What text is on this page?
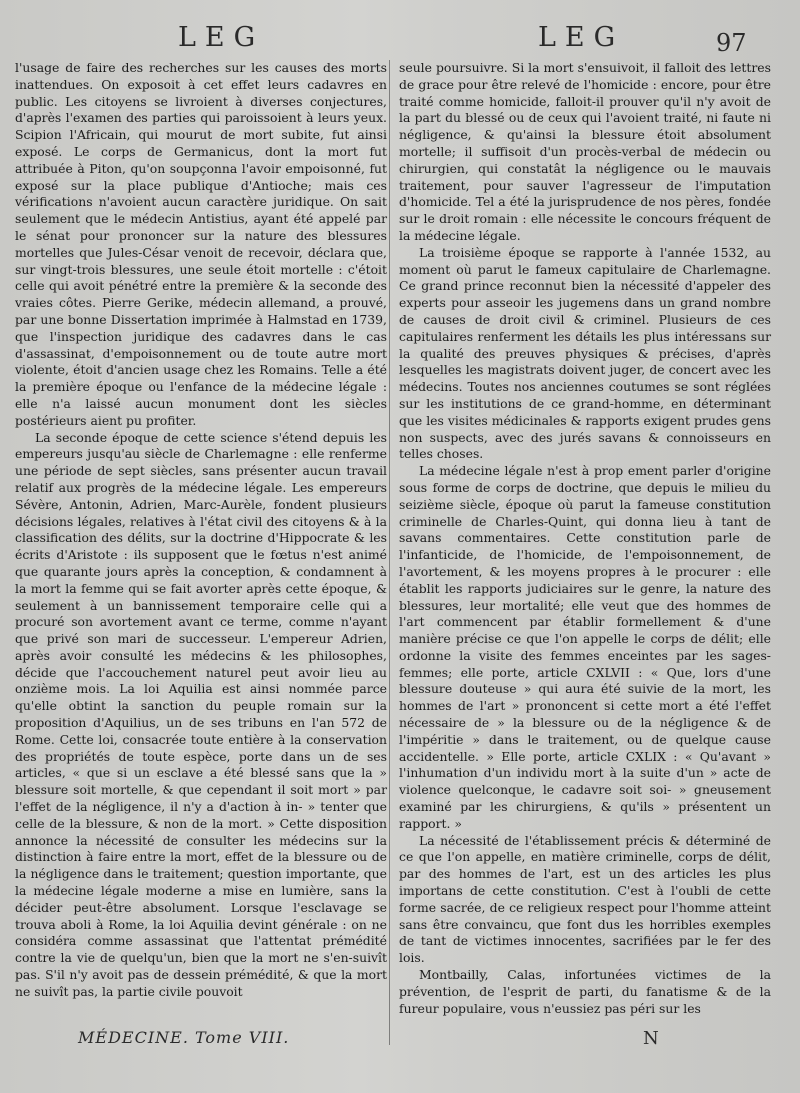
LEG	LEG	97

l'usage de faire des recherches sur les causes des morts inattendues. On exposoit à cet effet leurs cadavres en public. Les citoyens se livroient à diverses conjectures, d'après l'examen des parties qui paroissoient à leurs yeux. Scipion l'Africain, qui mourut de mort subite, fut ainsi exposé. Le corps de Germanicus, dont la mort fut attribuée à Piton, qu'on soupçonna l'avoir empoisonné, fut exposé sur la place publique d'Antioche; mais ces vérifications n'avoient aucun caractère juridique. On sait seulement que le médecin Antistius, ayant été appelé par le sénat pour prononcer sur la nature des blessures mortelles que Jules-César venoit de recevoir, déclara que, sur vingt-trois blessures, une seule étoit mortelle : c'étoit celle qui avoit pénétré entre la première & la seconde des vraies côtes. Pierre Gerike, médecin allemand, a prouvé, par une bonne Dissertation imprimée à Halmstad en 1739, que l'inspection juridique des cadavres dans le cas d'assassinat, d'empoisonnement ou de toute autre mort violente, étoit d'ancien usage chez les Romains. Telle a été la première époque ou l'enfance de la médecine légale : elle n'a laissé aucun monument dont les siècles postérieurs aient pu profiter.

La seconde époque de cette science s'étend depuis les empereurs jusqu'au siècle de Charlemagne : elle renferme une période de sept siècles, sans présenter aucun travail relatif aux progrès de la médecine légale. Les empereurs Sévère, Antonin, Adrien, Marc-Aurèle, fondent plusieurs décisions légales, relatives à l'état civil des citoyens & à la classification des délits, sur la doctrine d'Hippocrate & les écrits d'Aristote : ils supposent que le fœtus n'est animé que quarante jours après la conception, & condamnent à la mort la femme qui se fait avorter après cette époque, & seulement à un bannissement temporaire celle qui a procuré son avortement avant ce terme, comme n'ayant que privé son mari de successeur. L'empereur Adrien, après avoir consulté les médecins & les philosophes, décide que l'accouchement naturel peut avoir lieu au onzième mois. La loi Aquilia est ainsi nommée parce qu'elle obtint la sanction du peuple romain sur la proposition d'Aquilius, un de ses tribuns en l'an 572 de Rome. Cette loi, consacrée toute entière à la conservation des propriétés de toute espèce, porte dans un de ses articles, « que si un esclave a été blessé sans que la » blessure soit mortelle, & que cependant il soit mort » par l'effet de la négligence, il n'y a d'action à in- » tenter que celle de la blessure, & non de la mort. » Cette disposition annonce la nécessité de consulter les médecins sur la distinction à faire entre la mort, effet de la blessure ou de la négligence dans le traitement; question importante, que la médecine légale moderne a mise en lumière, sans la décider peut-être absolument. Lorsque l'esclavage se trouva aboli à Rome, la loi Aquilia devint générale : on ne considéra comme assassinat que l'attentat prémédité contre la vie de quelqu'un, bien que la mort ne s'en-suivît pas. S'il n'y avoit pas de dessein prémédité, & que la mort ne suivît pas, la partie civile pouvoit

seule poursuivre. Si la mort s'ensuivoit, il falloit des lettres de grace pour être relevé de l'homicide : encore, pour être traité comme homicide, falloit-il prouver qu'il n'y avoit de la part du blessé ou de ceux qui l'avoient traité, ni faute ni négligence, & qu'ainsi la blessure étoit absolument mortelle; il suffisoit d'un procès-verbal de médecin ou chirurgien, qui constatât la négligence ou le mauvais traitement, pour sauver l'agresseur de l'imputation d'homicide. Tel a été la jurisprudence de nos pères, fondée sur le droit romain : elle nécessite le concours fréquent de la médecine légale.

La troisième époque se rapporte à l'année 1532, au moment où parut le fameux capitulaire de Charlemagne. Ce grand prince reconnut bien la nécessité d'appeler des experts pour asseoir les jugemens dans un grand nombre de causes de droit civil & criminel. Plusieurs de ces capitulaires renferment les détails les plus intéressans sur la qualité des preuves physiques & précises, d'après lesquelles les magistrats doivent juger, de concert avec les médecins. Toutes nos anciennes coutumes se sont réglées sur les institutions de ce grand-homme, en déterminant que les visites médicinales & rapports exigent prudes gens non suspects, avec des jurés savans & connoisseurs en telles choses.

La médecine légale n'est à prop ement parler d'origine sous forme de corps de doctrine, que depuis le milieu du seizième siècle, époque où parut la fameuse constitution criminelle de Charles-Quint, qui donna lieu à tant de savans commentaires. Cette constitution parle de l'infanticide, de l'homicide, de l'empoisonnement, de l'avortement, & les moyens propres à le procurer : elle établit les rapports judiciaires sur le genre, la nature des blessures, leur mortalité; elle veut que des hommes de l'art commencent par établir formellement & d'une manière précise ce que l'on appelle le corps de délit; elle ordonne la visite des femmes enceintes par les sages-femmes; elle porte, article CXLVII : « Que, lors d'une blessure douteuse » qui aura été suivie de la mort, les hommes de l'art » prononcent si cette mort a été l'effet nécessaire de » la blessure ou de la négligence & de l'impéritie » dans le traitement, ou de quelque cause accidentelle. » Elle porte, article CXLIX : « Qu'avant » l'inhumation d'un individu mort à la suite d'un » acte de violence quelconque, le cadavre soit soi- » gneusement examiné par les chirurgiens, & qu'ils » présentent un rapport. »

La nécessité de l'établissement précis & déterminé de ce que l'on appelle, en matière criminelle, corps de délit, par des hommes de l'art, est un des articles les plus importans de cette constitution. C'est à l'oubli de cette forme sacrée, de ce religieux respect pour l'homme atteint sans être convaincu, que font dus les horribles exemples de tant de victimes innocentes, sacrifiées par le fer des lois.

Montbailly, Calas, infortunées victimes de la prévention, de l'esprit de parti, du fanatisme & de la fureur populaire, vous n'eussiez pas péri sur les

MÉDECINE. Tome VIII.	N
